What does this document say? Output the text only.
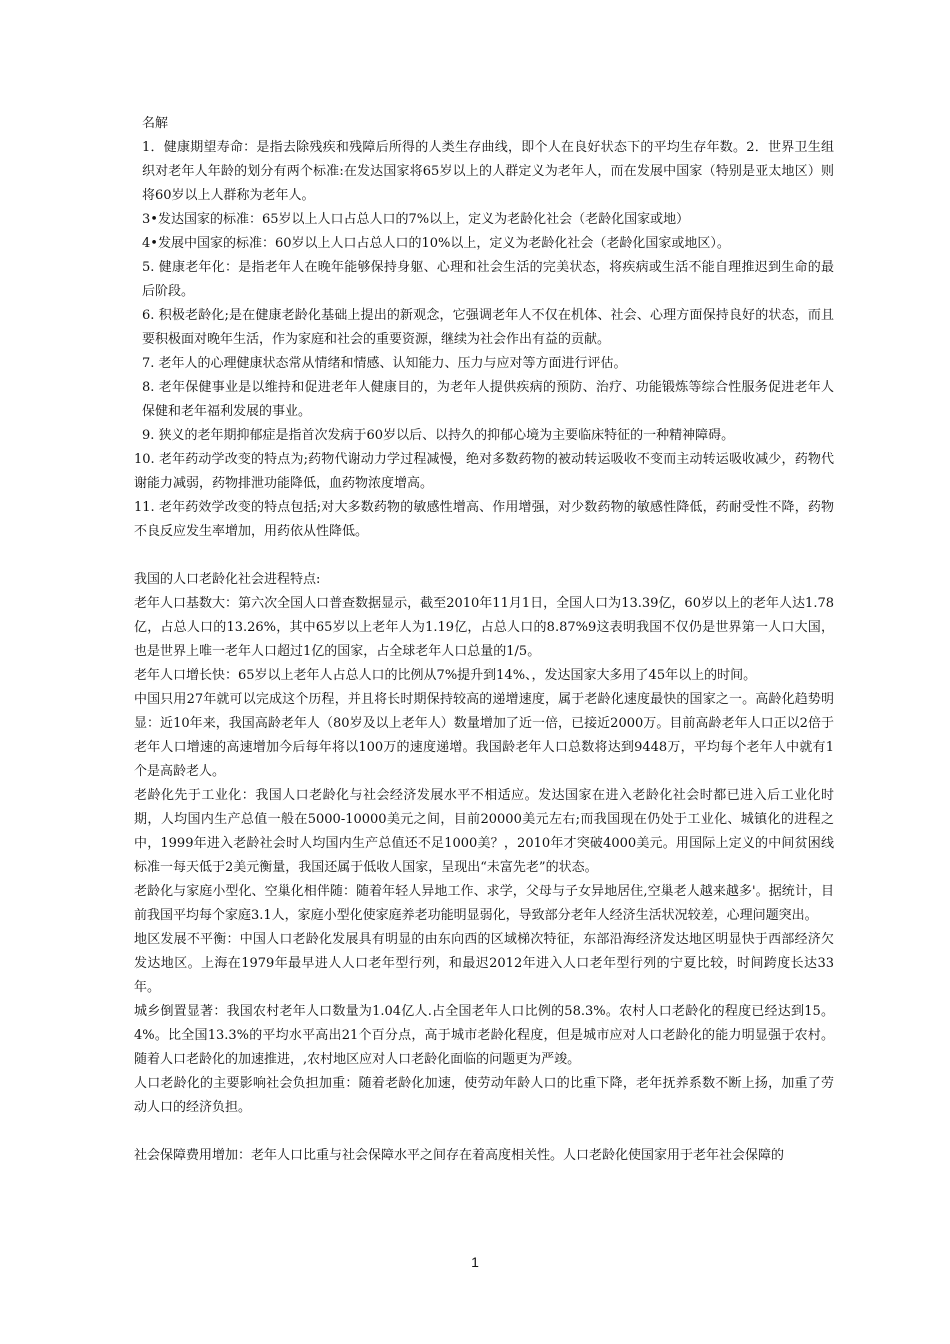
名解

1．健康期望寿命：是指去除残疾和残障后所得的人类生存曲线，即个人在良好状态下的平均生存年数。2．世界卫生组织对老年人年龄的划分有两个标准:在发达国家将65岁以上的人群定义为老年人，而在发展中国家（特别是亚太地区）则将60岁以上人群称为老年人。

3•发达国家的标准：65岁以上人口占总人口的7%以上，定义为老龄化社会（老龄化国家或地）

4•发展中国家的标准：60岁以上人口占总人口的10%以上，定义为老龄化社会（老龄化国家或地区）。

5. 健康老年化：是指老年人在晚年能够保持身躯、心理和社会生活的完美状态，将疾病或生活不能自理推迟到生命的最后阶段。

6. 积极老龄化;是在健康老龄化基础上提出的新观念，它强调老年人不仅在机体、社会、心理方面保持良好的状态，而且要积极面对晚年生活，作为家庭和社会的重要资源，继续为社会作出有益的贡献。

7. 老年人的心理健康状态常从情绪和情感、认知能力、压力与应对等方面进行评估。

8. 老年保健事业是以维持和促进老年人健康目的，为老年人提供疾病的预防、治疗、功能锻炼等综合性服务促进老年人保健和老年福利发展的事业。

9. 狭义的老年期抑郁症是指首次发病于60岁以后、以持久的抑郁心境为主要临床特征的一种精神障碍。

10. 老年药动学改变的特点为;药物代谢动力学过程减慢，绝对多数药物的被动转运吸收不变而主动转运吸收减少，药物代谢能力减弱，药物排泄功能降低，血药物浓度增高。

11. 老年药效学改变的特点包括;对大多数药物的敏感性增高、作用增强，对少数药物的敏感性降低，药耐受性不降，药物不良反应发生率增加，用药依从性降低。

我国的人口老龄化社会进程特点:

老年人口基数大：第六次全国人口普查数据显示，截至2010年11月1日，全国人口为13.39亿，60岁以上的老年人达1.78亿，占总人口的13.26%，其中65岁以上老年人为1.19亿，占总人口的8.87%9这表明我国不仅仍是世界第一人口大国，也是世界上唯一老年人口超过1亿的国家，占全球老年人口总量的1/5。

老年人口增长快：65岁以上老年人占总人口的比例从7%提升到14%、，发达国家大多用了45年以上的时间。

中国只用27年就可以完成这个历程，并且将长时期保持较高的递增速度，属于老龄化速度最快的国家之一。高龄化趋势明显：近10年来，我国高龄老年人（80岁及以上老年人）数量增加了近一倍，已接近2000万。目前高龄老年人口正以2倍于老年人口增速的高速增加今后每年将以100万的速度递增。我国龄老年人口总数将达到9448万，平均每个老年人中就有1个是高龄老人。

老龄化先于工业化：我国人口老龄化与社会经济发展水平不相适应。发达国家在进入老龄化社会时都已进入后工业化时期，人均国内生产总值一般在5000-10000美元之间，目前20000美元左右;而我国现在仍处于工业化、城镇化的进程之中，1999年进入老龄社会时人均国内生产总值还不足1000美？，2010年才突破4000美元。用国际上定义的中间贫困线标准一每天低于2美元衡量，我国还属于低收人国家，呈现出“未富先老”的状态。

老龄化与家庭小型化、空巢化相伴随：随着年轻人异地工作、求学，父母与子女异地居住,空巢老人越来越多'。据统计，目前我国平均每个家庭3.1人，家庭小型化使家庭养老功能明显弱化，导致部分老年人经济生活状况较差，心理问题突出。

地区发展不平衡：中国人口老龄化发展具有明显的由东向西的区域梯次特征，东部沿海经济发达地区明显快于西部经济欠发达地区。上海在1979年最早进人人口老年型行列，和最迟2012年进入人口老年型行列的宁夏比较，时间跨度长达33年。

城乡倒置显著：我国农村老年人口数量为1.04亿人.占全国老年人口比例的58.3%。农村人口老龄化的程度已经达到15。4%。比全国13.3%的平均水平高出21个百分点，高于城市老龄化程度，但是城市应对人口老龄化的能力明显强于农村。随着人口老龄化的加速推进，,农村地区应对人口老龄化面临的问题更为严竣。

人口老龄化的主要影响社会负担加重：随着老龄化加速，使劳动年龄人口的比重下降，老年抚养系数不断上扬，加重了劳动人口的经济负担。

社会保障费用增加：老年人口比重与社会保障水平之间存在着高度相关性。人口老龄化使国家用于老年社会保障的

1
